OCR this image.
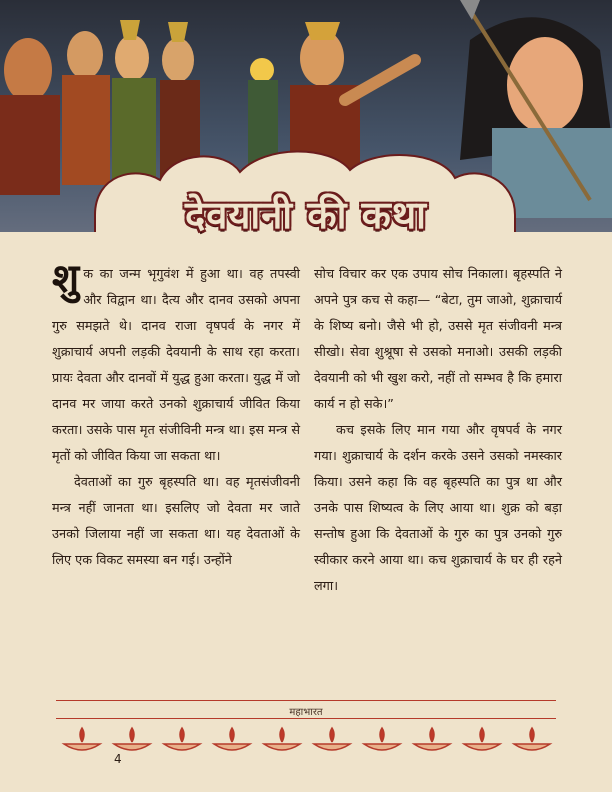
देवयानी की कथा

शुक का जन्म भृगुवंश में हुआ था। वह तपस्वी और विद्वान था। दैत्य और दानव उसको अपना गुरु समझते थे। दानव राजा वृषपर्व के नगर में शुक्राचार्य अपनी लड़की देवयानी के साथ रहा करता। प्रायः देवता और दानवों में युद्ध हुआ करता। युद्ध में जो दानव मर जाया करते उनको शुक्राचार्य जीवित किया करता। उसके पास मृत संजीविनी मन्त्र था। इस मन्त्र से मृतों को जीवित किया जा सकता था।

देवताओं का गुरु बृहस्पति था। वह मृतसंजीवनी मन्त्र नहीं जानता था। इसलिए जो देवता मर जाते उनको जिलाया नहीं जा सकता था। यह देवताओं के लिए एक विकट समस्या बन गई। उन्होंने

सोच विचार कर एक उपाय सोच निकाला। बृहस्पति ने अपने पुत्र कच से कहा— “बेटा, तुम जाओ, शुक्राचार्य के शिष्य बनो। जैसे भी हो, उससे मृत संजीवनी मन्त्र सीखो। सेवा शुश्रूषा से उसको मनाओ। उसकी लड़की देवयानी को भी खुश करो, नहीं तो सम्भव है कि हमारा कार्य न हो सके।”

कच इसके लिए मान गया और वृषपर्व के नगर गया। शुक्राचार्य के दर्शन करके उसने उसको नमस्कार किया। उसने कहा कि वह बृहस्पति का पुत्र था और उनके पास शिष्यत्व के लिए आया था। शुक्र को बड़ा सन्तोष हुआ कि देवताओं के गुरु का पुत्र उनको गुरु स्वीकार करने आया था। कच शुक्राचार्य के घर ही रहने लगा।

महाभारत
4
